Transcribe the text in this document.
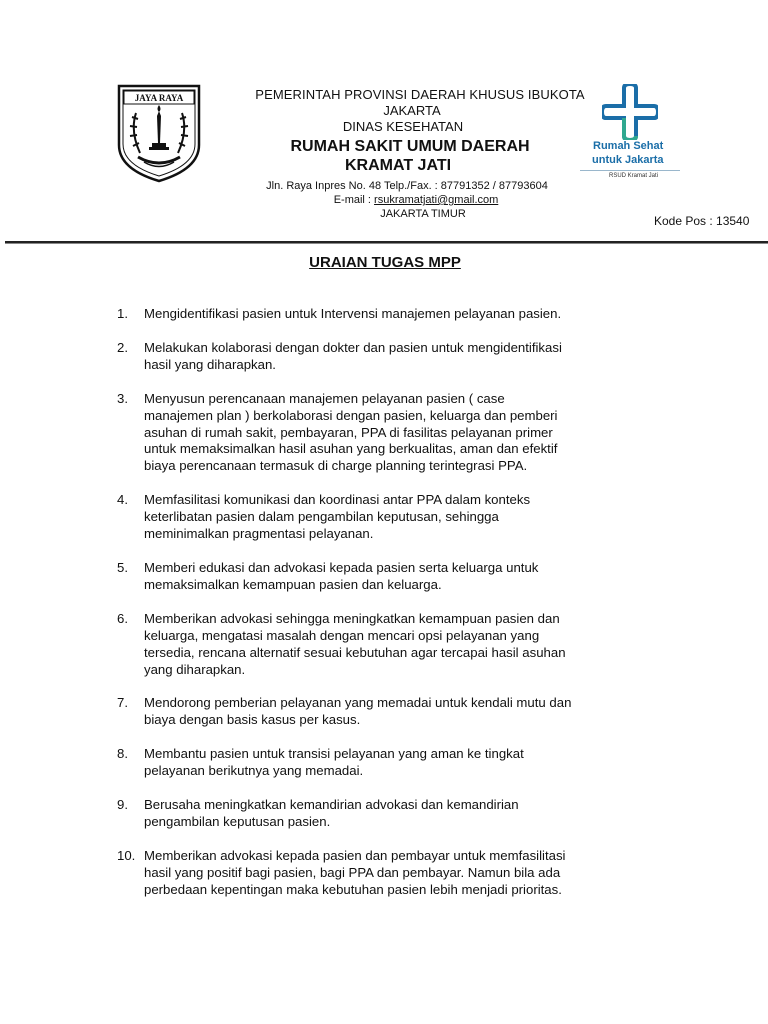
JAYA RAYA	PEMERINTAH PROVINSI DAERAH KHUSUS IBUKOTA
JAKARTA
DINAS KESEHATAN
RUMAH SAKIT UMUM DAERAH
KRAMAT JATI
Jln. Raya Inpres No. 48 Telp./Fax. : 87791352 / 87793604
E-mail : rsukramatjati@gmail.com
JAKARTA TIMUR
Rumah Sehat
untuk Jakarta
RSUD Kramat Jati
Kode Pos : 13540
URAIAN TUGAS MPP
1. Mengidentifikasi pasien untuk Intervensi manajemen pelayanan pasien.
2. Melakukan kolaborasi dengan dokter dan pasien untuk mengidentifikasi
hasil yang diharapkan.
3. Menyusun perencanaan manajemen pelayanan pasien ( case
manajemen plan ) berkolaborasi dengan pasien, keluarga dan pemberi
asuhan di rumah sakit, pembayaran, PPA di fasilitas pelayanan primer
untuk memaksimalkan hasil asuhan yang berkualitas, aman dan efektif
biaya perencanaan termasuk di charge planning terintegrasi PPA.
4. Memfasilitasi komunikasi dan koordinasi antar PPA dalam konteks
keterlibatan pasien dalam pengambilan keputusan, sehingga
meminimalkan pragmentasi pelayanan.
5. Memberi edukasi dan advokasi kepada pasien serta keluarga untuk
memaksimalkan kemampuan pasien dan keluarga.
6. Memberikan advokasi sehingga meningkatkan kemampuan pasien dan
keluarga, mengatasi masalah dengan mencari opsi pelayanan yang
tersedia, rencana alternatif sesuai kebutuhan agar tercapai hasil asuhan
yang diharapkan.
7. Mendorong pemberian pelayanan yang memadai untuk kendali mutu dan
biaya dengan basis kasus per kasus.
8. Membantu pasien untuk transisi pelayanan yang aman ke tingkat
pelayanan berikutnya yang memadai.
9. Berusaha meningkatkan kemandirian advokasi dan kemandirian
pengambilan keputusan pasien.
10. Memberikan advokasi kepada pasien dan pembayar untuk memfasilitasi
hasil yang positif bagi pasien, bagi PPA dan pembayar. Namun bila ada
perbedaan kepentingan maka kebutuhan pasien lebih menjadi prioritas.
